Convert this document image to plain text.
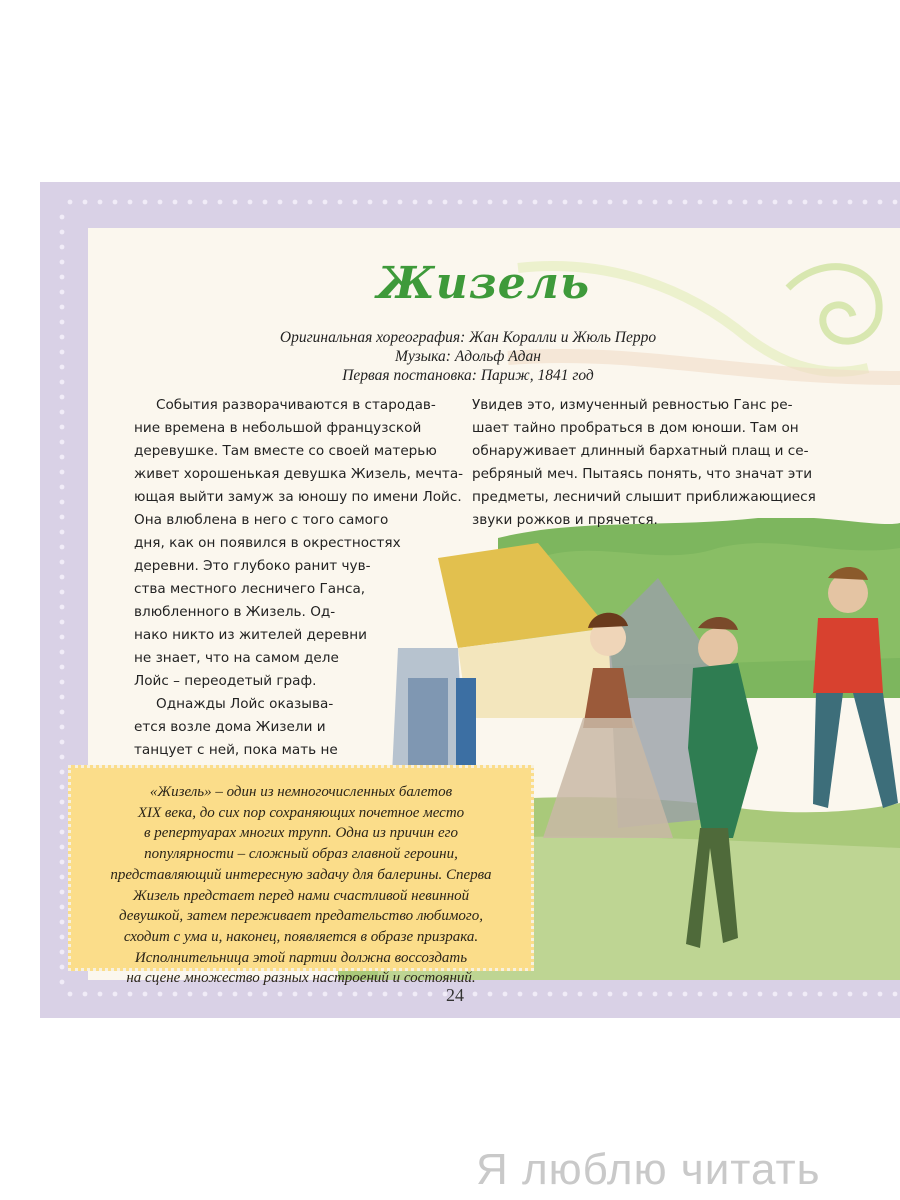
Жизель
Оригинальная хореография: Жан Коралли и Жюль Перро
Музыка: Адольф Адан
Первая постановка: Париж, 1841 год
События разворачиваются в стародав-
ние времена в небольшой французской
деревушке. Там вместе со своей матерью
живет хорошенькая девушка Жизель, мечта-
ющая выйти замуж за юношу по имени Лойс.
Она влюблена в него с того самого
дня, как он появился в окрестностях
деревни. Это глубоко ранит чув-
ства местного лесничего Ганса,
влюбленного в Жизель. Од-
нако никто из жителей деревни
не знает, что на самом деле
Лойс – переодетый граф.
Однажды Лойс оказыва-
ется возле дома Жизели и
танцует с ней, пока мать не
Увидев это, измученный ревностью Ганс ре-
шает тайно пробраться в дом юноши. Там он
обнаруживает длинный бархатный плащ и се-
ребряный меч. Пытаясь понять, что значат эти
предметы, лесничий слышит приближающиеся
звуки рожков и прячется.
«Жизель» – один из немногочисленных балетов
XIX века, до сих пор сохраняющих почетное место
в репертуарах многих трупп. Одна из причин его
популярности – сложный образ главной героини,
представляющий интересную задачу для балерины. Сперва
Жизель предстает перед нами счастливой невинной
девушкой, затем переживает предательство любимого,
сходит с ума и, наконец, появляется в образе призрака.
Исполнительница этой партии должна воссоздать
на сцене множество разных настроений и состояний.
24
Я люблю читать
